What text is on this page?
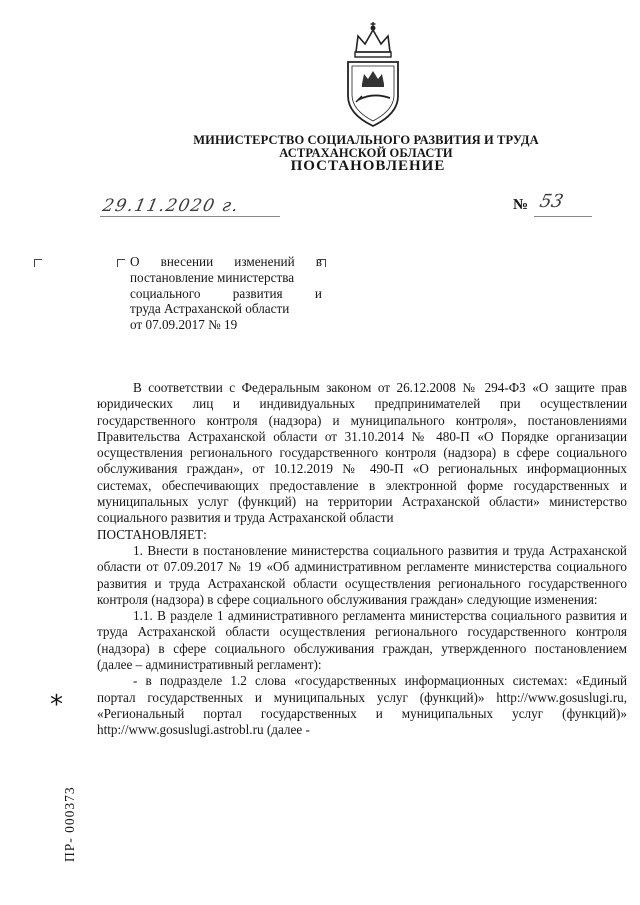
МИНИСТЕРСТВО СОЦИАЛЬНОГО РАЗВИТИЯ И ТРУДА
АСТРАХАНСКОЙ ОБЛАСТИ
ПОСТАНОВЛЕНИЕ
29.11.2020 г.	№ 53
О внесении изменений в
постановление министерства
социального развития и
труда Астраханской области
от 07.09.2017 № 19

В соответствии с Федеральным законом от 26.12.2008 № 294-ФЗ «О защите прав юридических лиц и индивидуальных предпринимателей при осуществлении государственного контроля (надзора) и муниципального контроля», постановлениями Правительства Астраханской области от 31.10.2014 № 480-П «О Порядке организации осуществления регионального государственного контроля (надзора) в сфере социального обслуживания граждан», от 10.12.2019 № 490-П «О региональных информационных системах, обеспечивающих предоставление в электронной форме государственных и муниципальных услуг (функций) на территории Астраханской области» министерство социального развития и труда Астраханской области

ПОСТАНОВЛЯЕТ:

1. Внести в постановление министерства социального развития и труда Астраханской области от 07.09.2017 № 19 «Об административном регламенте министерства социального развития и труда Астраханской области осуществления регионального государственного контроля (надзора) в сфере социального обслуживания граждан» следующие изменения:

1.1. В разделе 1 административного регламента министерства социального развития и труда Астраханской области осуществления регионального государственного контроля (надзора) в сфере социального обслуживания граждан, утвержденного постановлением (далее – административный регламент):

- в подразделе 1.2 слова «государственных информационных системах: «Единый портал государственных и муниципальных услуг (функций)» http://www.gosuslugi.ru, «Региональный портал государственных и муниципальных услуг (функций)» http://www.gosuslugi.astrobl.ru (далее -

*
ПР- 000373
